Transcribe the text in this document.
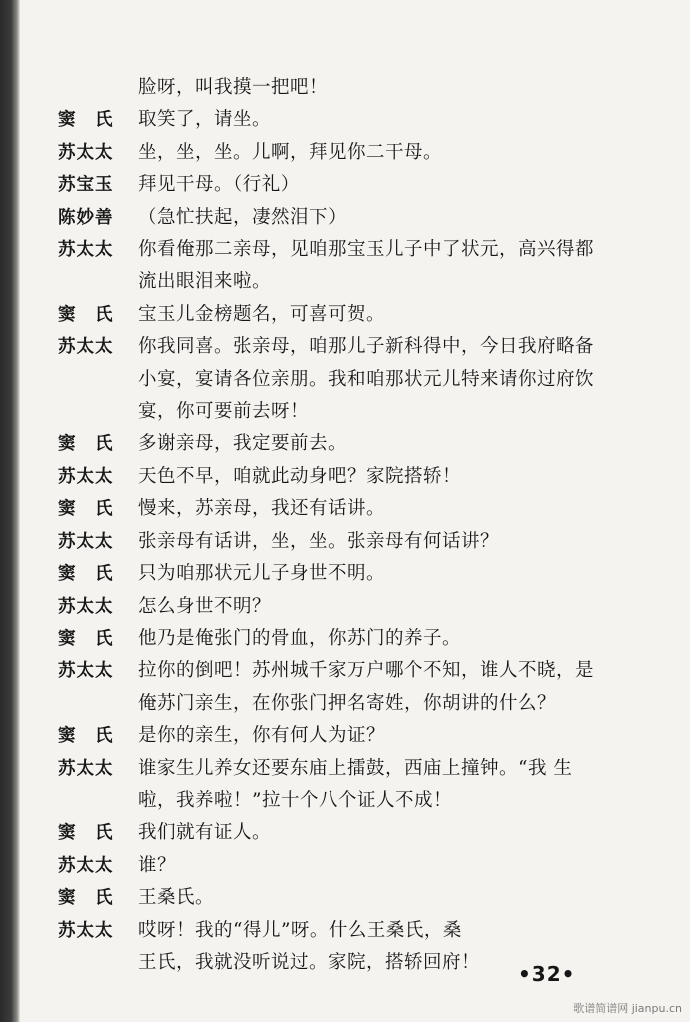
脸呀，叫我摸一把吧！
窦　氏	取笑了，请坐。
苏太太	坐，坐，坐。儿啊，拜见你二干母。
苏宝玉	拜见干母。（行礼）
陈妙善	（急忙扶起，凄然泪下）
苏太太	你看俺那二亲母，见咱那宝玉儿子中了状元，高兴得都
流出眼泪来啦。
窦　氏	宝玉儿金榜题名，可喜可贺。
苏太太	你我同喜。张亲母，咱那儿子新科得中，今日我府略备
小宴，宴请各位亲朋。我和咱那状元儿特来请你过府饮
宴，你可要前去呀！
窦　氏	多谢亲母，我定要前去。
苏太太	天色不早，咱就此动身吧？家院搭轿！
窦　氏	慢来，苏亲母，我还有话讲。
苏太太	张亲母有话讲，坐，坐。张亲母有何话讲？
窦　氏	只为咱那状元儿子身世不明。
苏太太	怎么身世不明？
窦　氏	他乃是俺张门的骨血，你苏门的养子。
苏太太	拉你的倒吧！苏州城千家万户哪个不知，谁人不晓，是
俺苏门亲生，在你张门押名寄姓，你胡讲的什么？
窦　氏	是你的亲生，你有何人为证？
苏太太	谁家生儿养女还要东庙上擂鼓，西庙上撞钟。“我 生
啦，我养啦！”拉十个八个证人不成！
窦　氏	我们就有证人。
苏太太	谁？
窦　氏	王桑氏。
苏太太	哎呀！我的“得儿”呀。什么王桑氏，桑
王氏，我就没听说过。家院，搭轿回府！	•32•
歌谱简谱网 jianpu.cn
